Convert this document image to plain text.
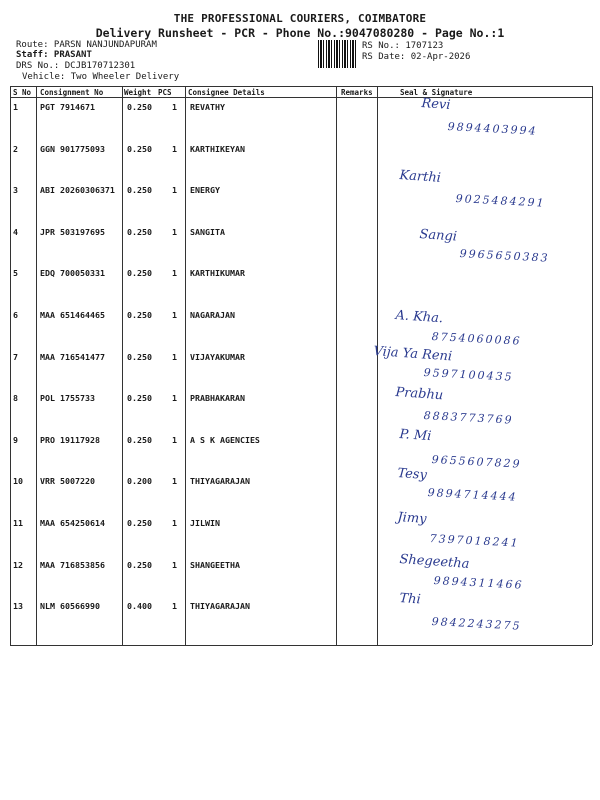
THE PROFESSIONAL COURIERS, COIMBATORE
Delivery Runsheet - PCR - Phone No.:9047080280 - Page No.:1
Route: PARSN NANJUNDAPURAM
Staff: PRASANT
DRS No.: DCJB170712301
Vehicle: Two Wheeler Delivery
RS No.: 1707123
RS Date: 02-Apr-2026
S No Consignment No	Weight PCS Consignee Details	Remarks	Seal & Signature
1	PGT 7914671	0.250 1 REVATHY	Revi
9894403994
2	GGN 901775093	0.250 1 KARTHIKEYAN
Karthi
9025484291
3	ABI 20260306371 0.250 1 ENERGY
4	JPR 503197695	0.250 1 SANGITA	Sangi
9965650383
5	EDQ 700050331	0.250 1 KARTHIKUMAR
6	MAA 651464465	0.250 1 NAGARAJAN	A. Kha.
8754060086
7	MAA 716541477	0.250 1 VIJAYAKUMAR	Vija Ya Reni
9597100435
8	POL 1755733	0.250 1 PRABHAKARAN	Prabhu
8883773769
9	PRO 19117928	0.250 1 A S K AGENCIES	P. Mi
9655607829
10 VRR 5007220	0.200 1 THIYAGARAJAN	Tesy
9894714444
11 MAA 654250614	0.250 1 JILWIN	Jimy
7397018241
12 MAA 716853856	0.250 1 SHANGEETHA	Shegeetha
9894311466
13 NLM 60566990	0.400 1 THIYAGARAJAN	Thi
9842243275
